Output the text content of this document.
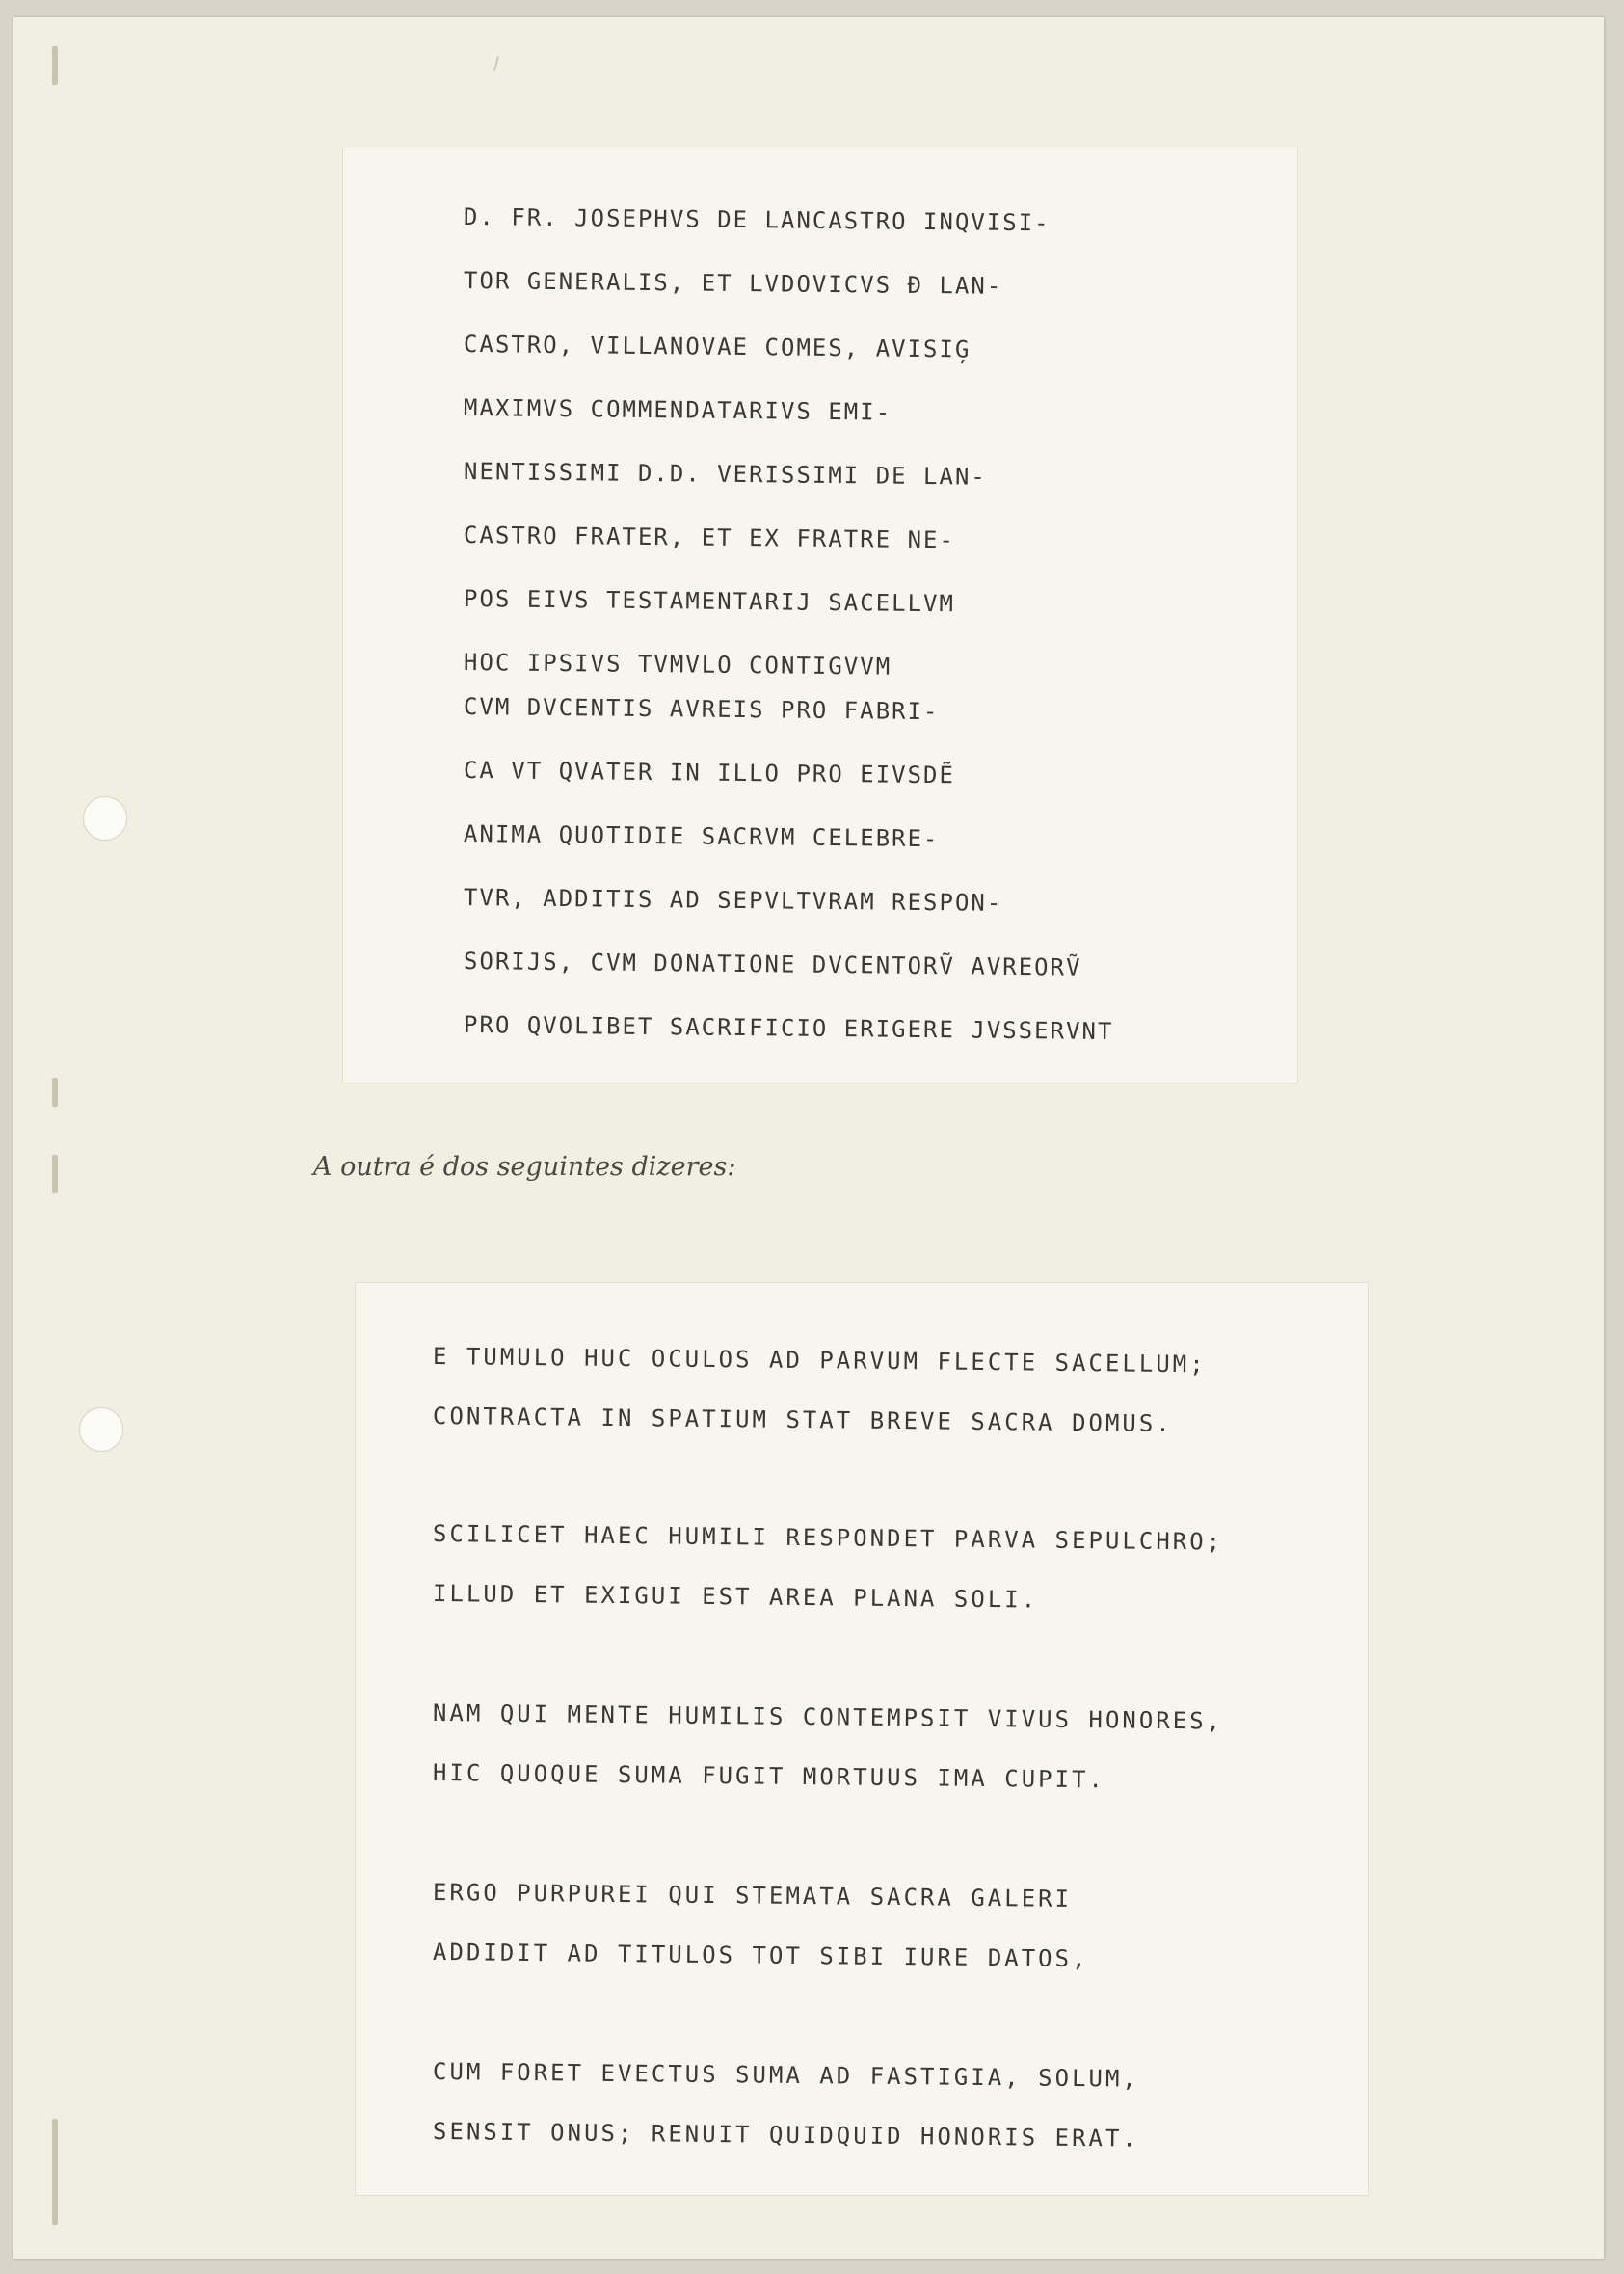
D. FR. JOSEPHVS DE LANCASTRO INQVISI-
TOR GENERALIS, ET LVDOVICVS Đ LAN-
CASTRO, VILLANOVAE COMES, AVISIĢ
MAXIMVS COMMENDATARIVS EMI-
NENTISSIMI D.D. VERISSIMI DE LAN-
CASTRO FRATER, ET EX FRATRE NE-
POS EIVS TESTAMENTARIJ SACELLVM
HOC IPSIVS TVMVLO CONTIGVVM
CVM DVCENTIS AVREIS PRO FABRI-
CA VT QVATER IN ILLO PRO EIVSDẼ
ANIMA QUOTIDIE SACRVM CELEBRE-
TVR, ADDITIS AD SEPVLTVRAM RESPON-
SORIJS, CVM DONATIONE DVCENTORṼ AVREORṼ
PRO QVOLIBET SACRIFICIO ERIGERE JVSSERVNT
A outra é dos seguintes dizeres:
E TUMULO HUC OCULOS AD PARVUM FLECTE SACELLUM;
CONTRACTA IN SPATIUM STAT BREVE SACRA DOMUS.
SCILICET HAEC HUMILI RESPONDET PARVA SEPULCHRO;
ILLUD ET EXIGUI EST AREA PLANA SOLI.
NAM QUI MENTE HUMILIS CONTEMPSIT VIVUS HONORES,
HIC QUOQUE SUMA FUGIT MORTUUS IMA CUPIT.
ERGO PURPUREI QUI STEMATA SACRA GALERI
ADDIDIT AD TITULOS TOT SIBI IURE DATOS,
CUM FORET EVECTUS SUMA AD FASTIGIA, SOLUM,
SENSIT ONUS; RENUIT QUIDQUID HONORIS ERAT.
